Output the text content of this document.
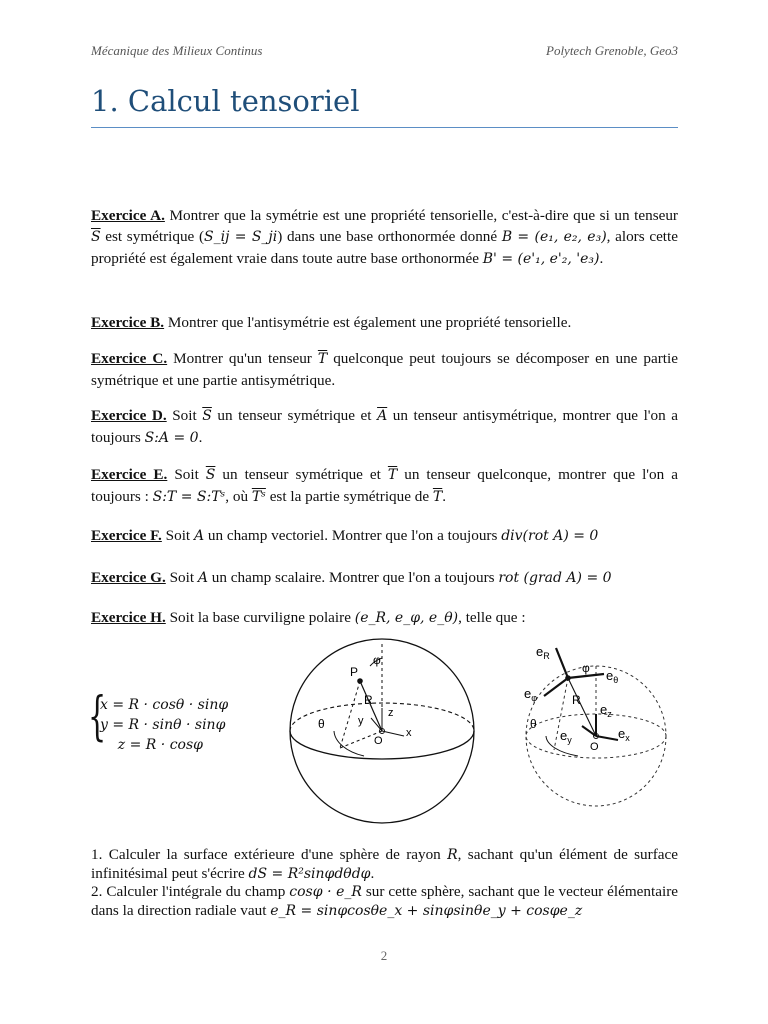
Mécanique des Milieux Continus	Polytech Grenoble, Geo3
1. Calcul tensoriel

Exercice A. Montrer que la symétrie est une propriété tensorielle, c'est-à-dire que si un tenseur $\overline{S}$ est symétrique (S_ij = S_ji) dans une base orthonormée donné B = (e₁, e₂, e₃), alors cette propriété est également vraie dans toute autre base orthonormée B' = (e'₁, e'₂, 'e₃).

Exercice B. Montrer que l'antisymétrie est également une propriété tensorielle.

Exercice C. Montrer qu'un tenseur $\overline{T}$ quelconque peut toujours se décomposer en une partie symétrique et une partie antisymétrique.

Exercice D. Soit $\overline{S}$ un tenseur symétrique et $\overline{A}$ un tenseur antisymétrique, montrer que l'on a toujours S:A = 0.

Exercice E. Soit $\overline{S}$ un tenseur symétrique et $\overline{T}$ un tenseur quelconque, montrer que l'on a toujours : S:T = S:Tˢ, où $\overline{Tˢ}$ est la partie symétrique de $\overline{T}$.

Exercice F. Soit A un champ vectoriel. Montrer que l'on a toujours div(rot A) = 0

Exercice G. Soit A un champ scalaire. Montrer que l'on a toujours rot (grad A) = 0

Exercice H. Soit la base curviligne polaire (e_R, e_φ, e_θ), telle que :

{
x = R · cosθ · sinφ
y = R · sinθ · sinφ
z = R · cosφ
P
φ
R
θ
x
y
z
O
$e_R$
$e_\varphi$
$e_\theta$
$e_z$
$e_y$	$e_x$
φ
R
θ
O

1. Calculer la surface extérieure d'une sphère de rayon R, sachant qu'un élément de surface infinitésimal peut s'écrire dS = R²sinφdθdφ.

2. Calculer l'intégrale du champ cosφ · e_R sur cette sphère, sachant que le vecteur élémentaire dans la direction radiale vaut e_R = sinφcosθe_x + sinφsinθe_y + cosφe_z

2
